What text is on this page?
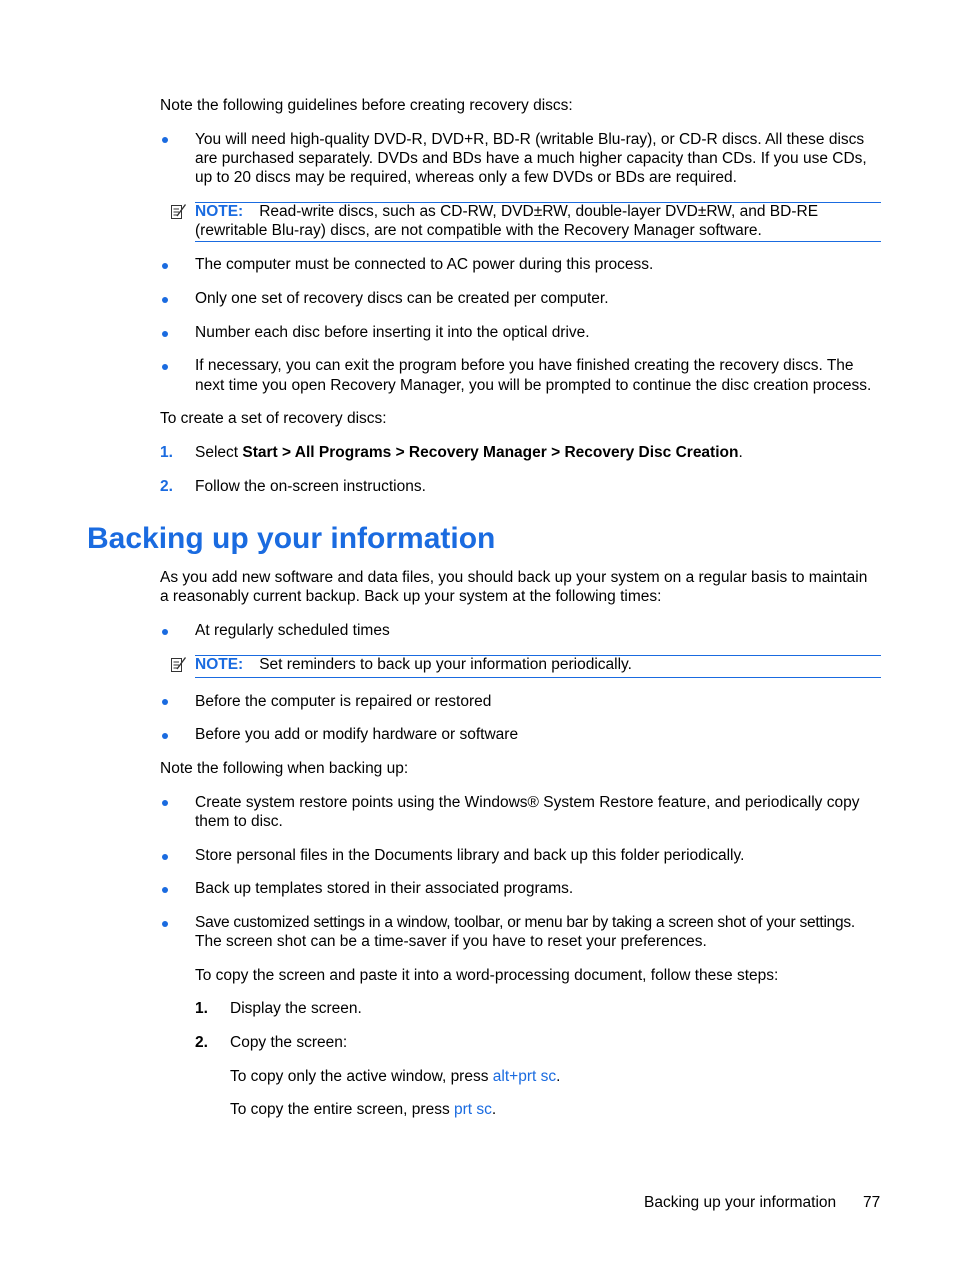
Note the following guidelines before creating recovery discs:
You will need high-quality DVD-R, DVD+R, BD-R (writable Blu-ray), or CD-R discs. All these discs
are purchased separately. DVDs and BDs have a much higher capacity than CDs. If you use CDs,
up to 20 discs may be required, whereas only a few DVDs or BDs are required.
NOTE: Read-write discs, such as CD-RW, DVD±RW, double-layer DVD±RW, and BD-RE
(rewritable Blu-ray) discs, are not compatible with the Recovery Manager software.
The computer must be connected to AC power during this process.
Only one set of recovery discs can be created per computer.
Number each disc before inserting it into the optical drive.
If necessary, you can exit the program before you have finished creating the recovery discs. The
next time you open Recovery Manager, you will be prompted to continue the disc creation process.
To create a set of recovery discs:
1. Select Start > All Programs > Recovery Manager > Recovery Disc Creation.
2. Follow the on-screen instructions.
Backing up your information
As you add new software and data files, you should back up your system on a regular basis to maintain
a reasonably current backup. Back up your system at the following times:
At regularly scheduled times
NOTE: Set reminders to back up your information periodically.
Before the computer is repaired or restored
Before you add or modify hardware or software
Note the following when backing up:
Create system restore points using the Windows® System Restore feature, and periodically copy
them to disc.
Store personal files in the Documents library and back up this folder periodically.
Back up templates stored in their associated programs.
Save customized settings in a window, toolbar, or menu bar by taking a screen shot of your settings.
The screen shot can be a time-saver if you have to reset your preferences.
To copy the screen and paste it into a word-processing document, follow these steps:
1. Display the screen.
2. Copy the screen:
To copy only the active window, press alt+prt sc.
To copy the entire screen, press prt sc.
Backing up your information 77
